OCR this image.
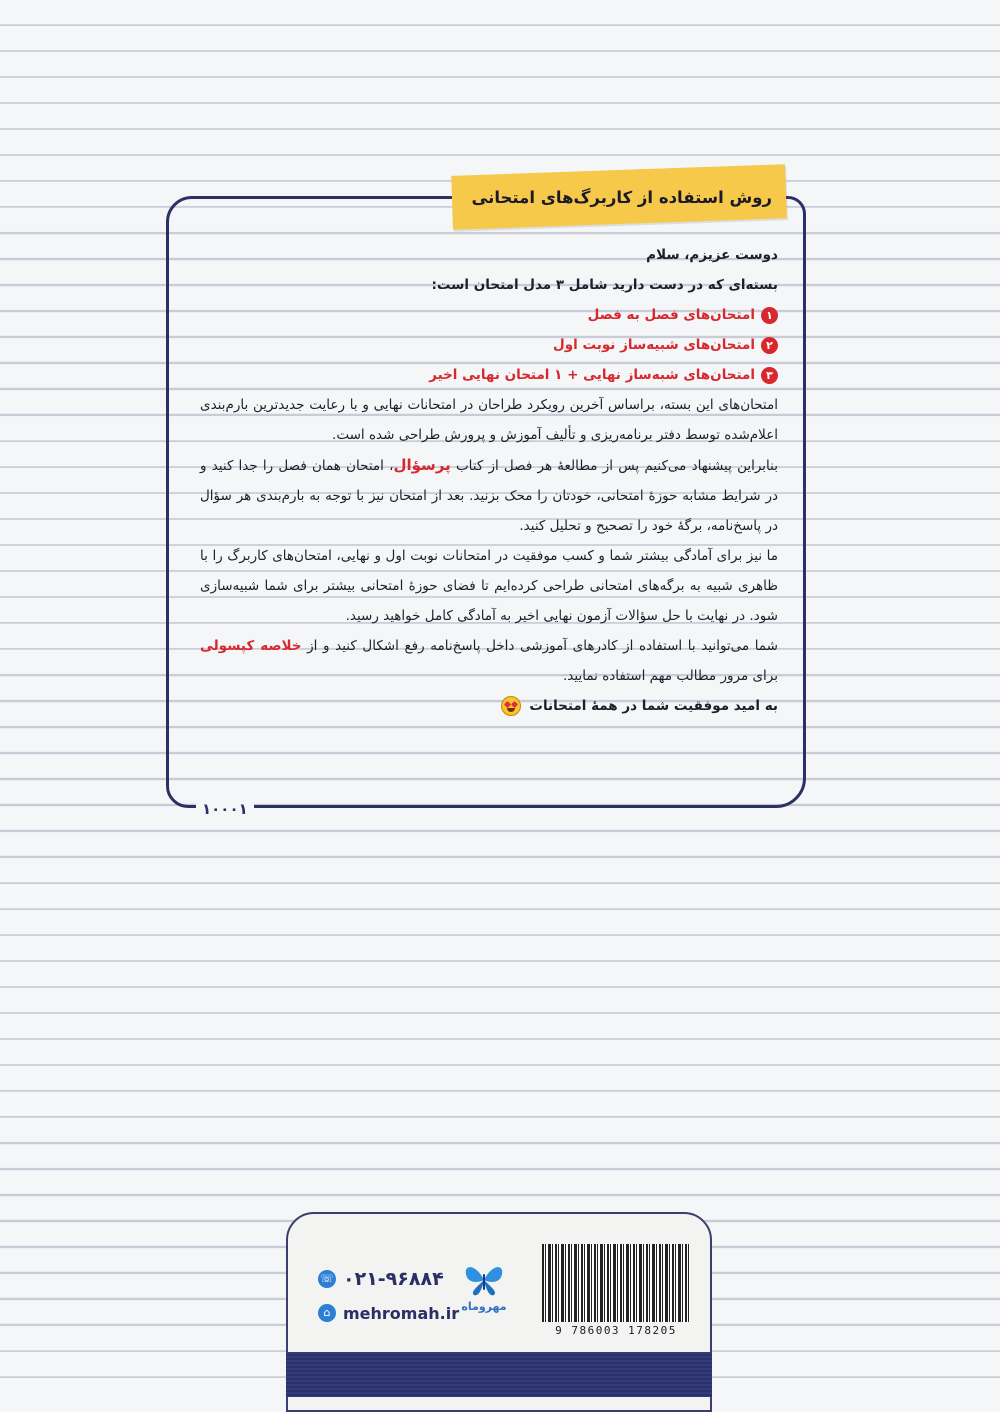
۱۰۰۰۱
روش استفاده از کاربرگ‌های امتحانی

دوست عزیزم، سلام

بسته‌ای که در دست دارید شامل ۳ مدل امتحان است:

۱
امتحان‌های فصل به فصل
۲
امتحان‌های شبیه‌ساز نوبت اول
۳
امتحان‌های شبه‌ساز نهایی + ۱ امتحان نهایی اخیر

امتحان‌های این بسته، براساس آخرین رویکرد طراحان در امتحانات نهایی و با رعایت جدیدترین بارم‌بندی اعلام‌شده توسط دفتر برنامه‌ریزی و تألیف آموزش و پرورش طراحی شده است.

بنابراین پیشنهاد می‌کنیم پس از مطالعهٔ هر فصل از کتاب پرسؤال، امتحان همان فصل را جدا کنید و در شرایط مشابه حوزهٔ امتحانی، خودتان را محک بزنید. بعد از امتحان نیز با توجه به بارم‌بندی هر سؤال در پاسخ‌نامه، برگهٔ خود را تصحیح و تحلیل کنید.

ما نیز برای آمادگی بیشتر شما و کسب موفقیت در امتحانات نوبت اول و نهایی، امتحان‌های کاربرگ را با ظاهری شبیه به برگه‌های امتحانی طراحی کرده‌ایم تا فضای حوزهٔ امتحانی بیشتر برای شما شبیه‌سازی شود. در نهایت با حل سؤالات آزمون نهایی اخیر به آمادگی کامل خواهید رسید.

شما می‌توانید با استفاده از کادرهای آموزشی داخل پاسخ‌نامه رفع اشکال کنید و از خلاصه کپسولی برای مرور مطالب مهم استفاده نمایید.

به امید موفقیت شما در همهٔ امتحانات

☏ ۰۲۱-۹۶۸۸۴
⌂ mehromah.ir مهروماه
9 786003 178205
